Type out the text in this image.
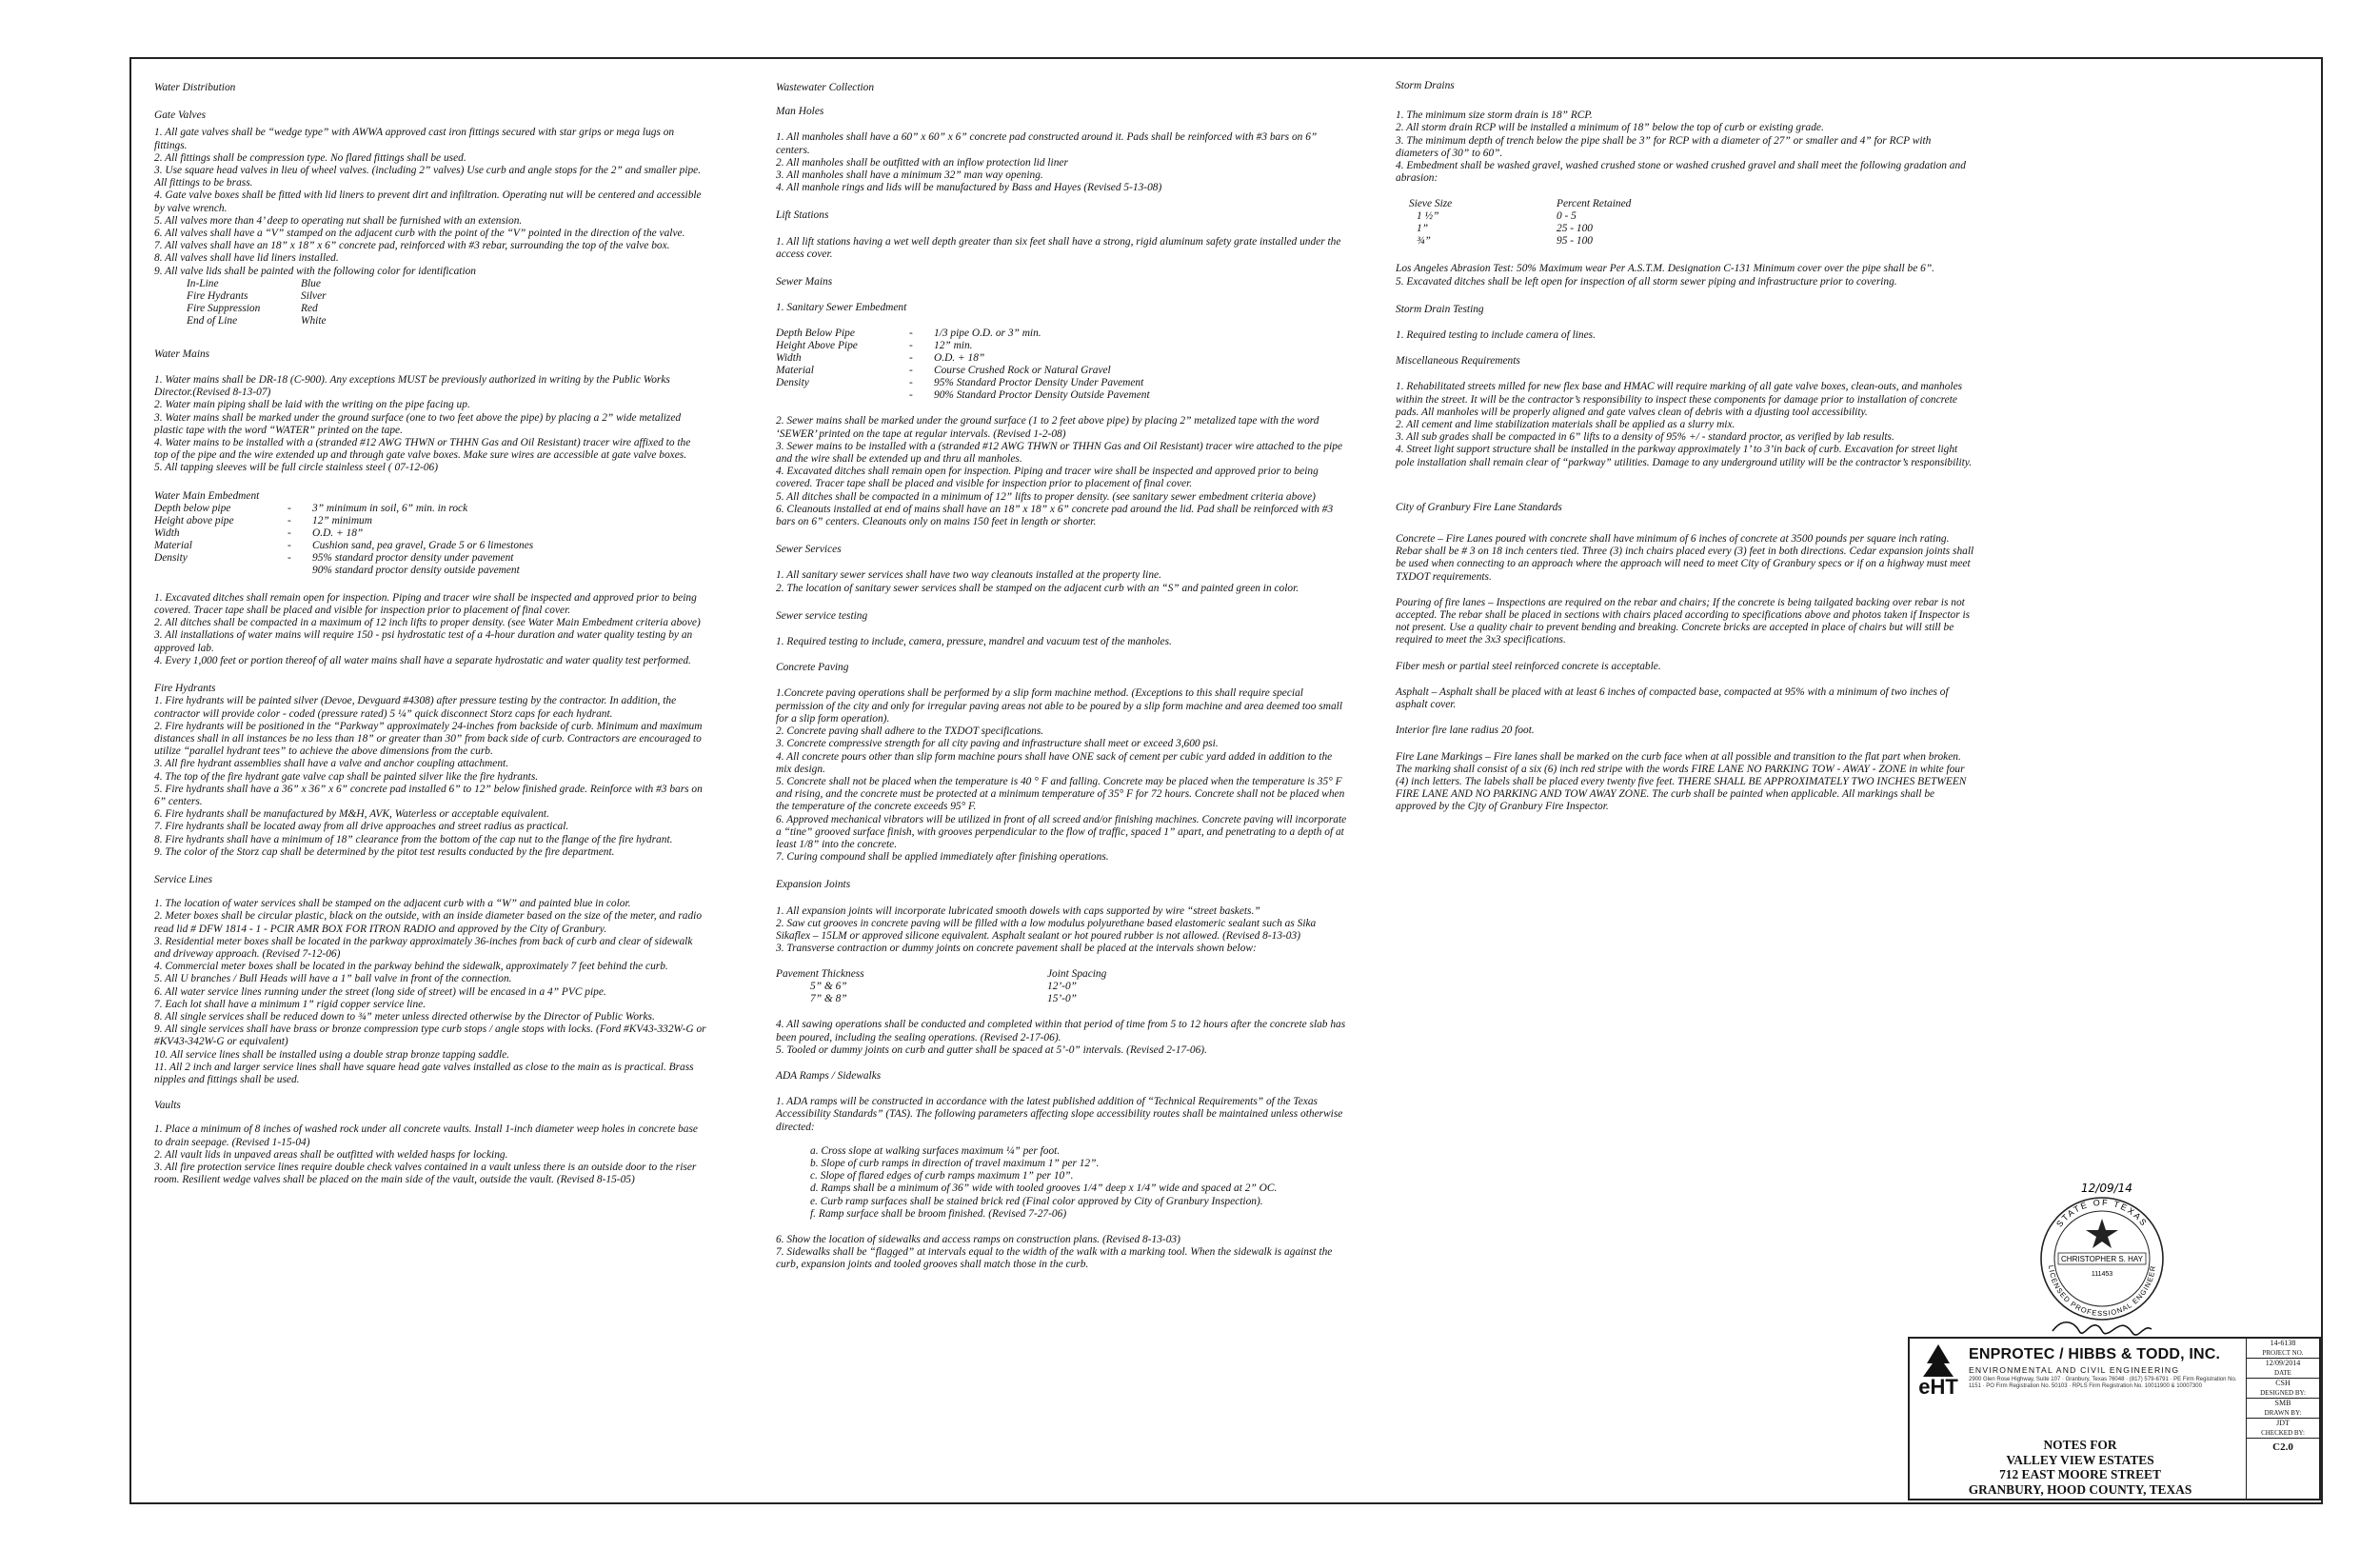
Water Distribution

Gate Valves

1. All gate valves shall be “wedge type” with AWWA approved cast iron fittings secured with star grips or mega lugs on fittings.

2. All fittings shall be compression type. No flared fittings shall be used.

3. Use square head valves in lieu of wheel valves. (including 2” valves) Use curb and angle stops for the 2” and smaller pipe. All fittings to be brass.

4. Gate valve boxes shall be fitted with lid liners to prevent dirt and infiltration. Operating nut will be centered and accessible by valve wrench.

5. All valves more than 4’ deep to operating nut shall be furnished with an extension.

6. All valves shall have a “V” stamped on the adjacent curb with the point of the “V” pointed in the direction of the valve.

7. All valves shall have an 18” x 18” x 6” concrete pad, reinforced with #3 rebar, surrounding the top of the valve box.

8. All valves shall have lid liners installed.

9. All valve lids shall be painted with the following color for identification

In-Line	Blue
Fire Hydrants	Silver
Fire Suppression	Red
End of Line	White

Water Mains

1. Water mains shall be DR-18 (C-900). Any exceptions MUST be previously authorized in writing by the Public Works Director.(Revised 8-13-07)

2. Water main piping shall be laid with the writing on the pipe facing up.

3. Water mains shall be marked under the ground surface (one to two feet above the pipe) by placing a 2” wide metalized plastic tape with the word “WATER” printed on the tape.

4. Water mains to be installed with a (stranded #12 AWG THWN or THHN Gas and Oil Resistant) tracer wire affixed to the top of the pipe and the wire extended up and through gate valve boxes. Make sure wires are accessible at gate valve boxes.

5. All tapping sleeves will be full circle stainless steel ( 07-12-06)

Water Main Embedment

Depth below pipe	-	3” minimum in soil, 6” min. in rock
Height above pipe	-	12” minimum
Width	-	O.D. + 18”
Material	-	Cushion sand, pea gravel, Grade 5 or 6 limestones
Density	-	95% standard proctor density under pavement
		90% standard proctor density outside pavement

1. Excavated ditches shall remain open for inspection. Piping and tracer wire shall be inspected and approved prior to being covered. Tracer tape shall be placed and visible for inspection prior to placement of final cover.

2. All ditches shall be compacted in a maximum of 12 inch lifts to proper density. (see Water Main Embedment criteria above)

3. All installations of water mains will require 150 - psi hydrostatic test of a 4-hour duration and water quality testing by an approved lab.

4. Every 1,000 feet or portion thereof of all water mains shall have a separate hydrostatic and water quality test performed.

Fire Hydrants

1. Fire hydrants will be painted silver (Devoe, Devguard #4308) after pressure testing by the contractor. In addition, the contractor will provide color - coded (pressure rated) 5 ¼” quick disconnect Storz caps for each hydrant.

2. Fire hydrants will be positioned in the “Parkway” approximately 24-inches from backside of curb. Minimum and maximum distances shall in all instances be no less than 18” or greater than 30” from back side of curb. Contractors are encouraged to utilize “parallel hydrant tees” to achieve the above dimensions from the curb.

3. All fire hydrant assemblies shall have a valve and anchor coupling attachment.

4. The top of the fire hydrant gate valve cap shall be painted silver like the fire hydrants.

5. Fire hydrants shall have a 36” x 36” x 6” concrete pad installed 6” to 12” below finished grade. Reinforce with #3 bars on 6” centers.

6. Fire hydrants shall be manufactured by M&H, AVK, Waterless or acceptable equivalent.

7. Fire hydrants shall be located away from all drive approaches and street radius as practical.

8. Fire hydrants shall have a minimum of 18” clearance from the bottom of the cap nut to the flange of the fire hydrant.

9. The color of the Storz cap shall be determined by the pitot test results conducted by the fire department.

Service Lines

1. The location of water services shall be stamped on the adjacent curb with a “W” and painted blue in color.

2. Meter boxes shall be circular plastic, black on the outside, with an inside diameter based on the size of the meter, and radio read lid # DFW 1814 - 1 - PCIR AMR BOX FOR ITRON RADIO and approved by the City of Granbury.

3. Residential meter boxes shall be located in the parkway approximately 36-inches from back of curb and clear of sidewalk and driveway approach. (Revised 7-12-06)

4. Commercial meter boxes shall be located in the parkway behind the sidewalk, approximately 7 feet behind the curb.

5. All U branches / Bull Heads will have a 1” ball valve in front of the connection.

6. All water service lines running under the street (long side of street) will be encased in a 4” PVC pipe.

7. Each lot shall have a minimum 1” rigid copper service line.

8. All single services shall be reduced down to ¾” meter unless directed otherwise by the Director of Public Works.

9. All single services shall have brass or bronze compression type curb stops / angle stops with locks. (Ford #KV43-332W-G or #KV43-342W-G or equivalent)

10. All service lines shall be installed using a double strap bronze tapping saddle.

11. All 2 inch and larger service lines shall have square head gate valves installed as close to the main as is practical. Brass nipples and fittings shall be used.

Vaults

1. Place a minimum of 8 inches of washed rock under all concrete vaults. Install 1-inch diameter weep holes in concrete base to drain seepage. (Revised 1-15-04)

2. All vault lids in unpaved areas shall be outfitted with welded hasps for locking.

3. All fire protection service lines require double check valves contained in a vault unless there is an outside door to the riser room. Resilient wedge valves shall be placed on the main side of the vault, outside the vault. (Revised 8-15-05)

Wastewater Collection

Man Holes

1. All manholes shall have a 60” x 60” x 6” concrete pad constructed around it. Pads shall be reinforced with #3 bars on 6” centers.

2. All manholes shall be outfitted with an inflow protection lid liner

3. All manholes shall have a minimum 32” man way opening.

4. All manhole rings and lids will be manufactured by Bass and Hayes (Revised 5-13-08)

Lift Stations

1. All lift stations having a wet well depth greater than six feet shall have a strong, rigid aluminum safety grate installed under the access cover.

Sewer Mains

1. Sanitary Sewer Embedment

Depth Below Pipe	-	1/3 pipe O.D. or 3” min.
Height Above Pipe	-	12” min.
Width	-	O.D. + 18”
Material	-	Course Crushed Rock or Natural Gravel
Density	-	95% Standard Proctor Density Under Pavement
	-	90% Standard Proctor Density Outside Pavement

2. Sewer mains shall be marked under the ground surface (1 to 2 feet above pipe) by placing 2” metalized tape with the word ‘SEWER’ printed on the tape at regular intervals. (Revised 1-2-08)

3. Sewer mains to be installed with a (stranded #12 AWG THWN or THHN Gas and Oil Resistant) tracer wire attached to the pipe and the wire shall be extended up and thru all manholes.

4. Excavated ditches shall remain open for inspection. Piping and tracer wire shall be inspected and approved prior to being covered. Tracer tape shall be placed and visible for inspection prior to placement of final cover.

5. All ditches shall be compacted in a minimum of 12” lifts to proper density. (see sanitary sewer embedment criteria above)

6. Cleanouts installed at end of mains shall have an 18” x 18” x 6” concrete pad around the lid. Pad shall be reinforced with #3 bars on 6” centers. Cleanouts only on mains 150 feet in length or shorter.

Sewer Services

1. All sanitary sewer services shall have two way cleanouts installed at the property line.

2. The location of sanitary sewer services shall be stamped on the adjacent curb with an “S” and painted green in color.

Sewer service testing

1. Required testing to include, camera, pressure, mandrel and vacuum test of the manholes.

Concrete Paving

1.Concrete paving operations shall be performed by a slip form machine method. (Exceptions to this shall require special permission of the city and only for irregular paving areas not able to be poured by a slip form machine and area deemed too small for a slip form operation).

2. Concrete paving shall adhere to the TXDOT specifications.

3. Concrete compressive strength for all city paving and infrastructure shall meet or exceed 3,600 psi.

4. All concrete pours other than slip form machine pours shall have ONE sack of cement per cubic yard added in addition to the mix design.

5. Concrete shall not be placed when the temperature is 40 ° F and falling. Concrete may be placed when the temperature is 35° F and rising, and the concrete must be protected at a minimum temperature of 35° F for 72 hours. Concrete shall not be placed when the temperature of the concrete exceeds 95° F.

6. Approved mechanical vibrators will be utilized in front of all screed and/or finishing machines. Concrete paving will incorporate a “tine” grooved surface finish, with grooves perpendicular to the flow of traffic, spaced 1” apart, and penetrating to a depth of at least 1/8” into the concrete.

7. Curing compound shall be applied immediately after finishing operations.

Expansion Joints

1. All expansion joints will incorporate lubricated smooth dowels with caps supported by wire “street baskets.”

2. Saw cut grooves in concrete paving will be filled with a low modulus polyurethane based elastomeric sealant such as Sika Sikaflex – 15LM or approved silicone equivalent. Asphalt sealant or hot poured rubber is not allowed. (Revised 8-13-03)

3. Transverse contraction or dummy joints on concrete pavement shall be placed at the intervals shown below:

Pavement Thickness	Joint Spacing
5” & 6”	12’-0”
7” & 8”	15’-0”

4. All sawing operations shall be conducted and completed within that period of time from 5 to 12 hours after the concrete slab has been poured, including the sealing operations. (Revised 2-17-06).

5. Tooled or dummy joints on curb and gutter shall be spaced at 5’-0” intervals. (Revised 2-17-06).

ADA Ramps / Sidewalks

1. ADA ramps will be constructed in accordance with the latest published addition of “Technical Requirements” of the Texas Accessibility Standards” (TAS). The following parameters affecting slope accessibility routes shall be maintained unless otherwise directed:

a. Cross slope at walking surfaces maximum ¼” per foot.

b. Slope of curb ramps in direction of travel maximum 1” per 12”.

c. Slope of flared edges of curb ramps maximum 1” per 10”.

d. Ramps shall be a minimum of 36” wide with tooled grooves 1/4” deep x 1/4” wide and spaced at 2” OC.

e. Curb ramp surfaces shall be stained brick red (Final color approved by City of Granbury Inspection).

f. Ramp surface shall be broom finished. (Revised 7-27-06)

6. Show the location of sidewalks and access ramps on construction plans. (Revised 8-13-03)

7. Sidewalks shall be “flagged” at intervals equal to the width of the walk with a marking tool. When the sidewalk is against the curb, expansion joints and tooled grooves shall match those in the curb.

Storm Drains

1. The minimum size storm drain is 18” RCP.

2. All storm drain RCP will be installed a minimum of 18” below the top of curb or existing grade.

3. The minimum depth of trench below the pipe shall be 3” for RCP with a diameter of 27” or smaller and 4” for RCP with diameters of 30” to 60”.

4. Embedment shall be washed gravel, washed crushed stone or washed crushed gravel and shall meet the following gradation and abrasion:

Sieve Size	Percent Retained
1 ½”	0 - 5
1”	25 - 100
¾”	95 - 100

Los Angeles Abrasion Test: 50% Maximum wear Per A.S.T.M. Designation C-131 Minimum cover over the pipe shall be 6”.

5. Excavated ditches shall be left open for inspection of all storm sewer piping and infrastructure prior to covering.

Storm Drain Testing

1. Required testing to include camera of lines.

Miscellaneous Requirements

1. Rehabilitated streets milled for new flex base and HMAC will require marking of all gate valve boxes, clean-outs, and manholes within the street. It will be the contractor’s responsibility to inspect these components for damage prior to installation of concrete pads. All manholes will be properly aligned and gate valves clean of debris with a djusting tool accessibility.

2. All cement and lime stabilization materials shall be applied as a slurry mix.

3. All sub grades shall be compacted in 6” lifts to a density of 95% +/ - standard proctor, as verified by lab results.

4. Street light support structure shall be installed in the parkway approximately 1’ to 3’in back of curb. Excavation for street light pole installation shall remain clear of “parkway” utilities. Damage to any underground utility will be the contractor’s responsibility.

City of Granbury Fire Lane Standards

Concrete – Fire Lanes poured with concrete shall have minimum of 6 inches of concrete at 3500 pounds per square inch rating. Rebar shall be # 3 on 18 inch centers tied. Three (3) inch chairs placed every (3) feet in both directions. Cedar expansion joints shall be used when connecting to an approach where the approach will need to meet City of Granbury specs or if on a highway must meet TXDOT requirements.

Pouring of fire lanes – Inspections are required on the rebar and chairs; If the concrete is being tailgated backing over rebar is not accepted. The rebar shall be placed in sections with chairs placed according to specifications above and photos taken if Inspector is not present. Use a quality chair to prevent bending and breaking. Concrete bricks are accepted in place of chairs but will still be required to meet the 3x3 specifications.

Fiber mesh or partial steel reinforced concrete is acceptable.

Asphalt – Asphalt shall be placed with at least 6 inches of compacted base, compacted at 95% with a minimum of two inches of asphalt cover.

Interior fire lane radius 20 foot.

Fire Lane Markings – Fire lanes shall be marked on the curb face when at all possible and transition to the flat part when broken. The marking shall consist of a six (6) inch red stripe with the words FIRE LANE NO PARKING TOW - AWAY - ZONE in white four (4) inch letters. The labels shall be placed every twenty five feet. THERE SHALL BE APPROXIMATELY TWO INCHES BETWEEN FIRE LANE AND NO PARKING AND TOW AWAY ZONE. The curb shall be painted when applicable. All markings shall be approved by the Cjty of Granbury Fire Inspector.

12/09/14
STATE OF TEXAS
LICENSED PROFESSIONAL ENGINEER
CHRISTOPHER S. HAY
111453
eHT
ENPROTEC / HIBBS & TODD, INC.
ENVIRONMENTAL AND CIVIL ENGINEERING
2900 Glen Rose Highway, Suite 107 · Granbury, Texas 76048 · (817) 579-6791 · PE Firm Registration No. 1151 · PO Firm Registration No. 50103 · RPLS Firm Registration No. 10011900 & 10007300
NOTES FOR
VALLEY VIEW ESTATES
712 EAST MOORE STREET
GRANBURY, HOOD COUNTY, TEXAS
14-6138
PROJECT NO.
12/09/2014
DATE
CSH
DESIGNED BY:
SMB
DRAWN BY:
JDT
CHECKED BY:
C2.0
